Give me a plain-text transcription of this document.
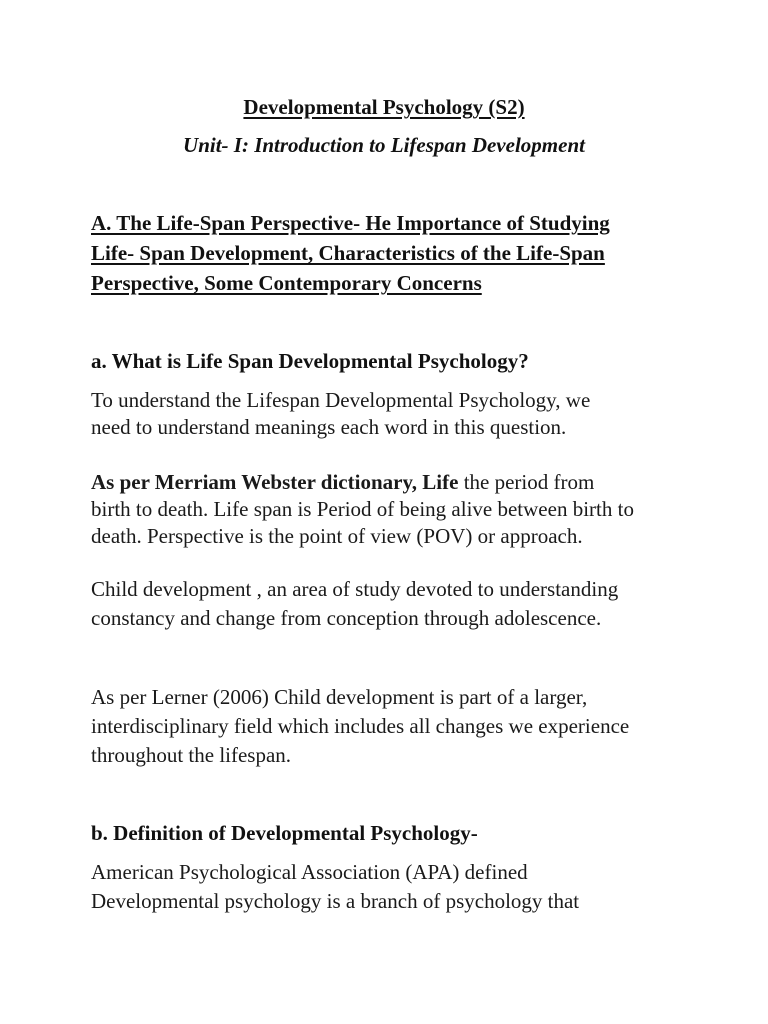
Developmental Psychology (S2)
Unit- I: Introduction to Lifespan Development
A. The Life-Span Perspective- He Importance of Studying
Life- Span Development, Characteristics of the Life-Span
Perspective, Some Contemporary Concerns
a. What is Life Span Developmental Psychology?
To understand the Lifespan Developmental Psychology, we
need to understand meanings each word in this question.
As per Merriam Webster dictionary, Life the period from
birth to death. Life span is Period of being alive between birth to
death. Perspective is the point of view (POV) or approach.
Child development , an area of study devoted to understanding
constancy and change from conception through adolescence.
As per Lerner (2006) Child development is part of a larger,
interdisciplinary field which includes all changes we experience
throughout the lifespan.
b. Definition of Developmental Psychology-
American Psychological Association (APA) defined
Developmental psychology is a branch of psychology that
